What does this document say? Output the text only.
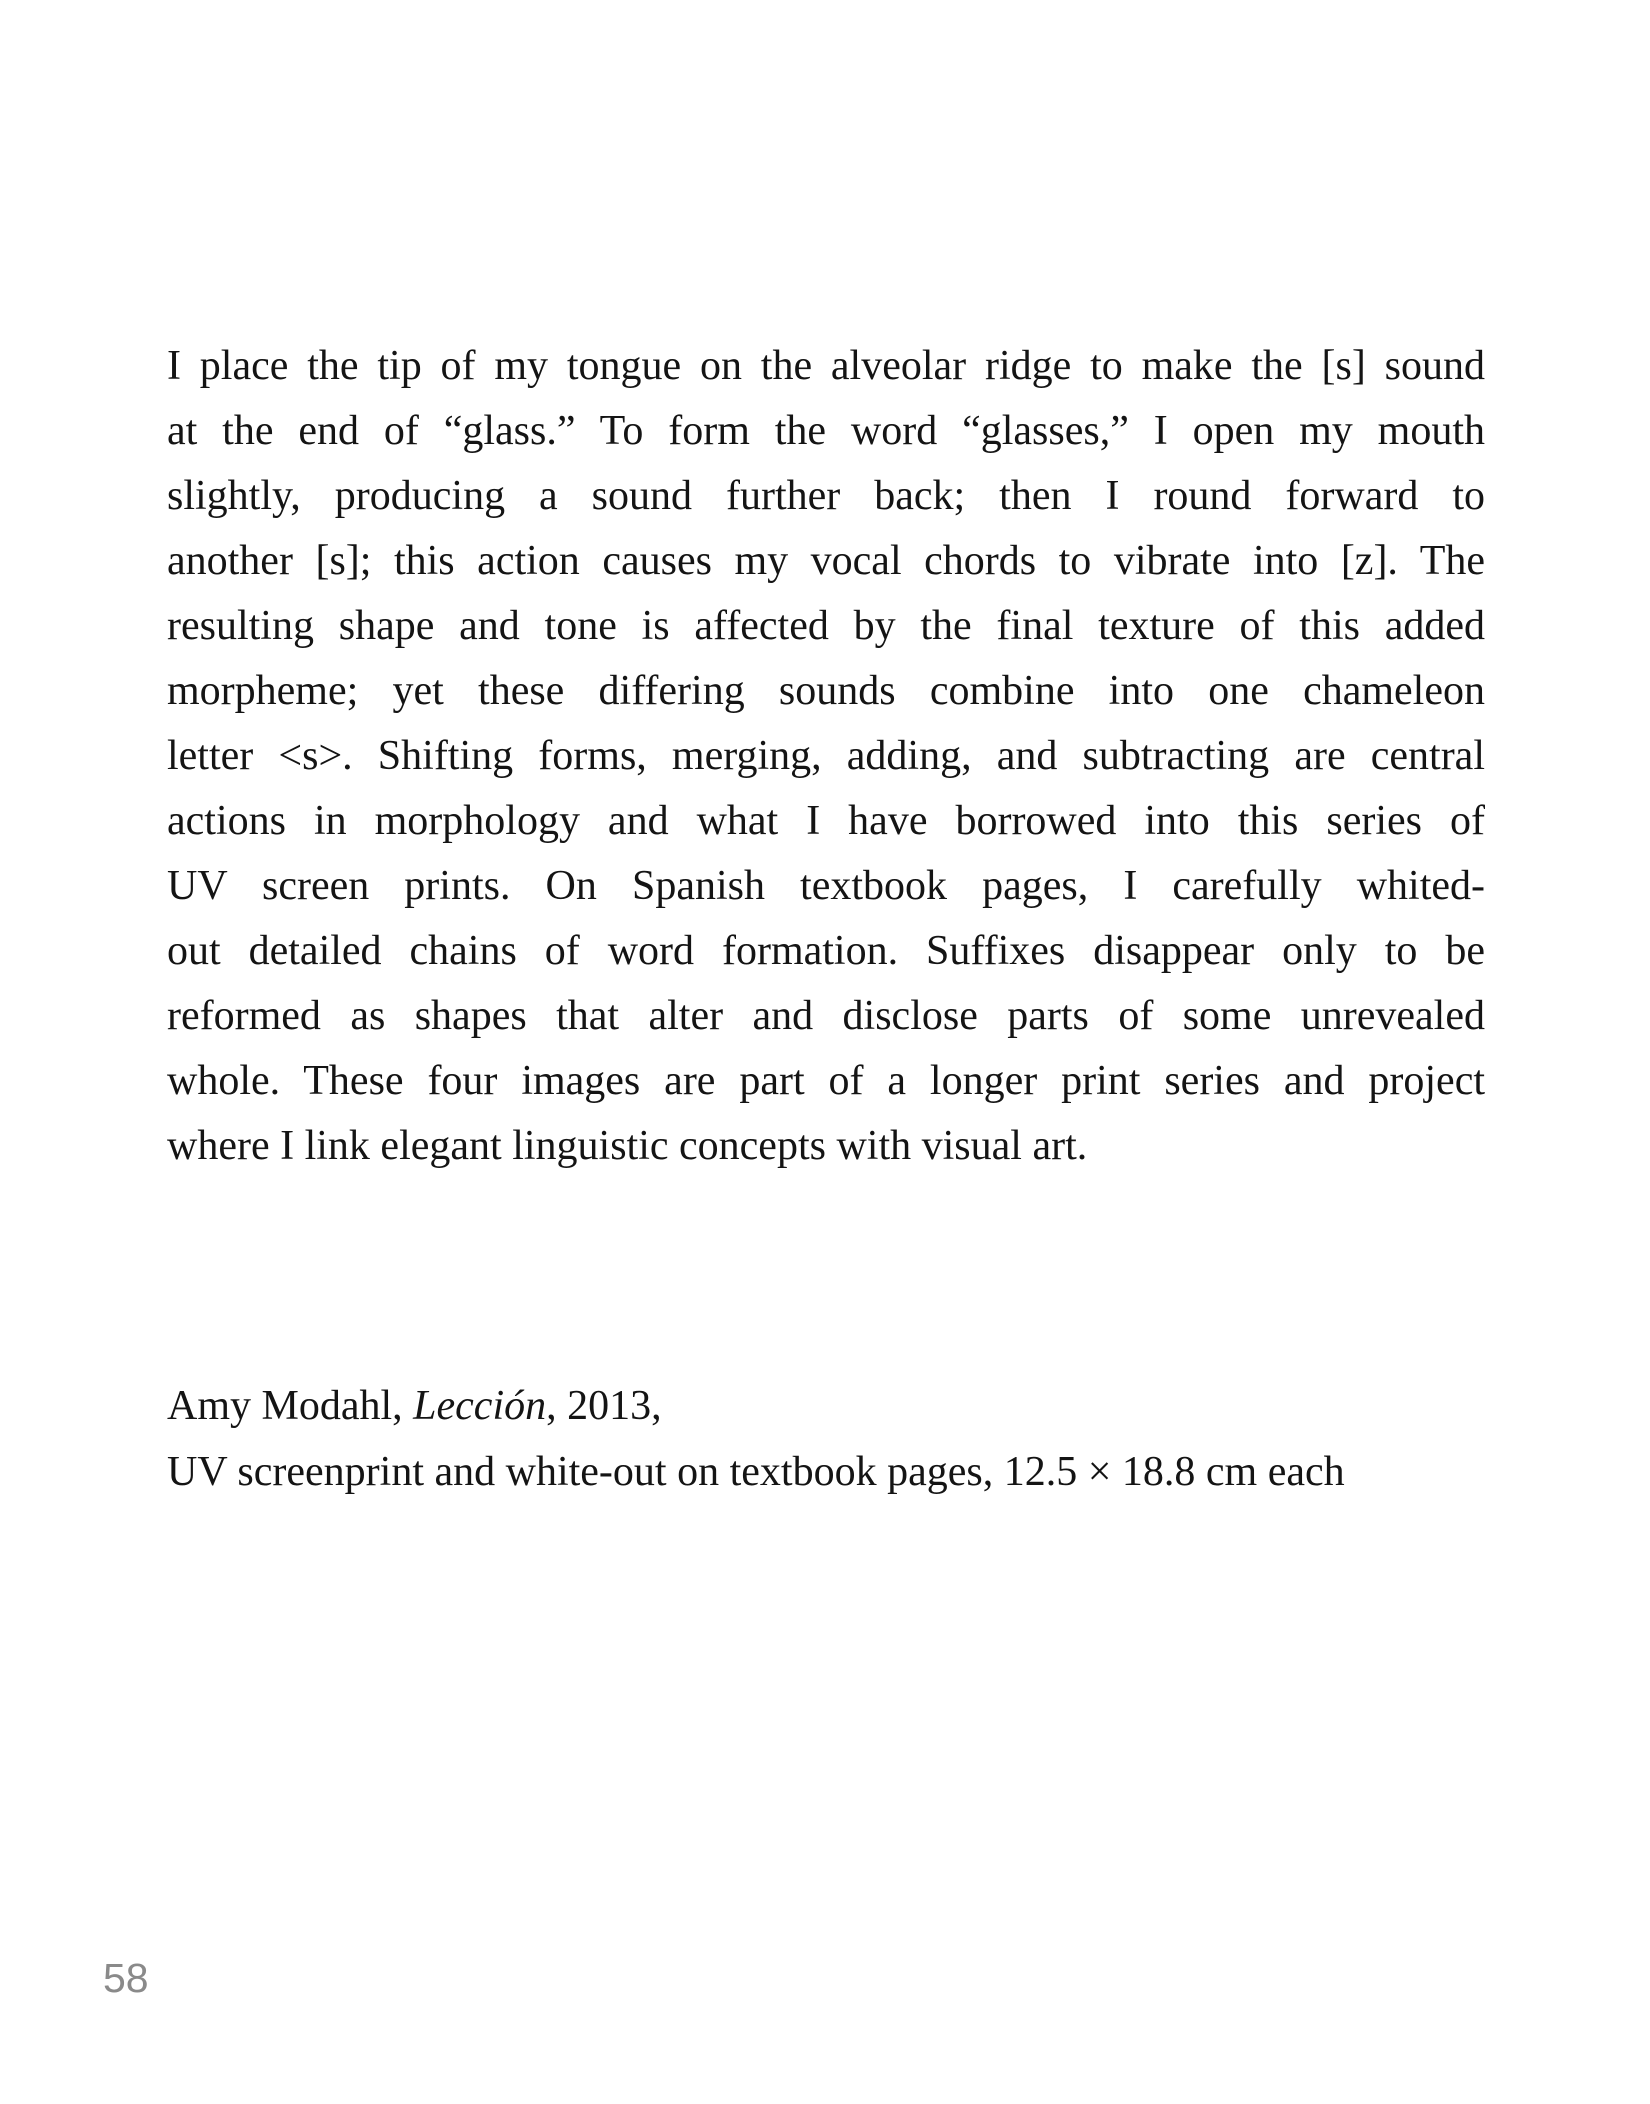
I place the tip of my tongue on the alveolar ridge to make the [s] sound
at the end of “glass.” To form the word “glasses,” I open my mouth
slightly, producing a sound further back; then I round forward to
another [s]; this action causes my vocal chords to vibrate into [z]. The
resulting shape and tone is affected by the final texture of this added
morpheme; yet these differing sounds combine into one chameleon
letter <s>. Shifting forms, merging, adding, and subtracting are central
actions in morphology and what I have borrowed into this series of
UV screen prints. On Spanish textbook pages, I carefully whited-
out detailed chains of word formation. Suffixes disappear only to be
reformed as shapes that alter and disclose parts of some unrevealed
whole. These four images are part of a longer print series and project
where I link elegant linguistic concepts with visual art.
Amy Modahl, Lección, 2013,
UV screenprint and white-out on textbook pages, 12.5 × 18.8 cm each
58
